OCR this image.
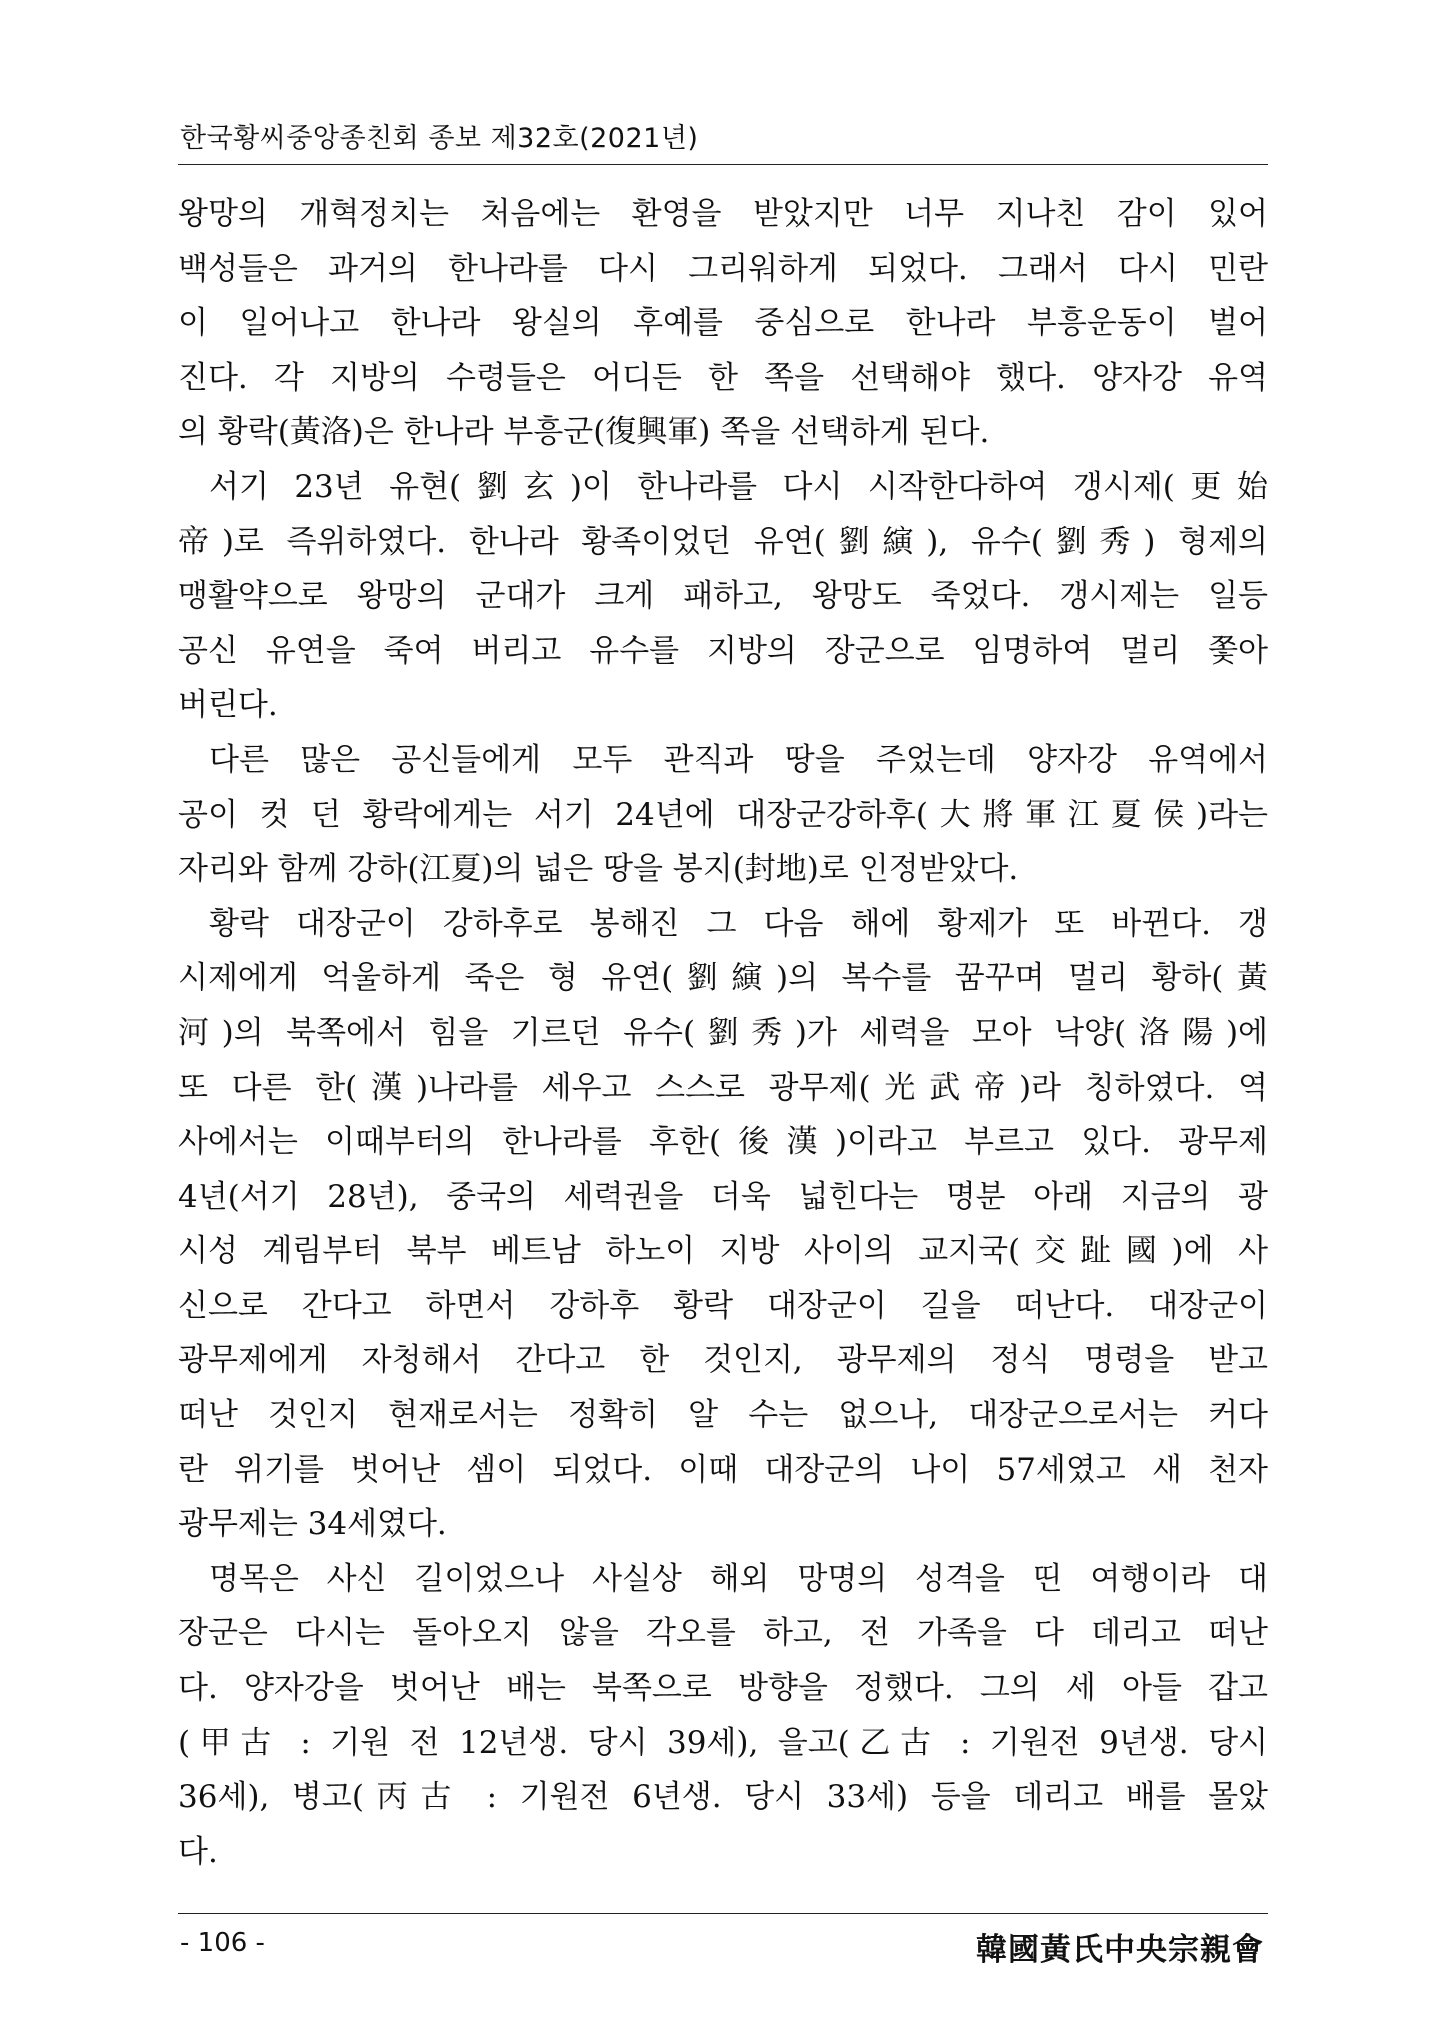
한국황씨중앙종친회 종보 제32호(2021년)

왕망의 개혁정치는 처음에는 환영을 받았지만 너무 지나친 감이 있어
백성들은 과거의 한나라를 다시 그리워하게 되었다. 그래서 다시 민란
이 일어나고 한나라 왕실의 후예를 중심으로 한나라 부흥운동이 벌어
진다. 각 지방의 수령들은 어디든 한 쪽을 선택해야 했다. 양자강 유역
의 황락(黃洛)은 한나라 부흥군(復興軍) 쪽을 선택하게 된다.

서기 23년 유현(劉玄)이 한나라를 다시 시작한다하여 갱시제(更始
帝)로 즉위하였다. 한나라 황족이었던 유연(劉縯), 유수(劉秀) 형제의
맹활약으로 왕망의 군대가 크게 패하고, 왕망도 죽었다. 갱시제는 일등
공신 유연을 죽여 버리고 유수를 지방의 장군으로 임명하여 멀리 쫓아
버린다.

다른 많은 공신들에게 모두 관직과 땅을 주었는데 양자강 유역에서
공이 컷 던 황락에게는 서기 24년에 대장군강하후(大將軍江夏侯)라는
자리와 함께 강하(江夏)의 넓은 땅을 봉지(封地)로 인정받았다.

황락 대장군이 강하후로 봉해진 그 다음 해에 황제가 또 바뀐다. 갱
시제에게 억울하게 죽은 형 유연(劉縯)의 복수를 꿈꾸며 멀리 황하(黃
河)의 북쪽에서 힘을 기르던 유수(劉秀)가 세력을 모아 낙양(洛陽)에
또 다른 한(漢)나라를 세우고 스스로 광무제(光武帝)라 칭하였다. 역
사에서는 이때부터의 한나라를 후한(後漢)이라고 부르고 있다. 광무제
4년(서기 28년), 중국의 세력권을 더욱 넓힌다는 명분 아래 지금의 광
시성 계림부터 북부 베트남 하노이 지방 사이의 교지국(交趾國)에 사
신으로 간다고 하면서 강하후 황락 대장군이 길을 떠난다. 대장군이
광무제에게 자청해서 간다고 한 것인지, 광무제의 정식 명령을 받고
떠난 것인지 현재로서는 정확히 알 수는 없으나, 대장군으로서는 커다
란 위기를 벗어난 셈이 되었다. 이때 대장군의 나이 57세였고 새 천자
광무제는 34세였다.

명목은 사신 길이었으나 사실상 해외 망명의 성격을 띤 여행이라 대
장군은 다시는 돌아오지 않을 각오를 하고, 전 가족을 다 데리고 떠난
다. 양자강을 벗어난 배는 북쪽으로 방향을 정했다. 그의 세 아들 갑고
(甲古 : 기원 전 12년생. 당시 39세), 을고(乙古 : 기원전 9년생. 당시
36세), 병고(丙古 : 기원전 6년생. 당시 33세) 등을 데리고 배를 몰았
다.

- 106 -	韓國黃氏中央宗親會
